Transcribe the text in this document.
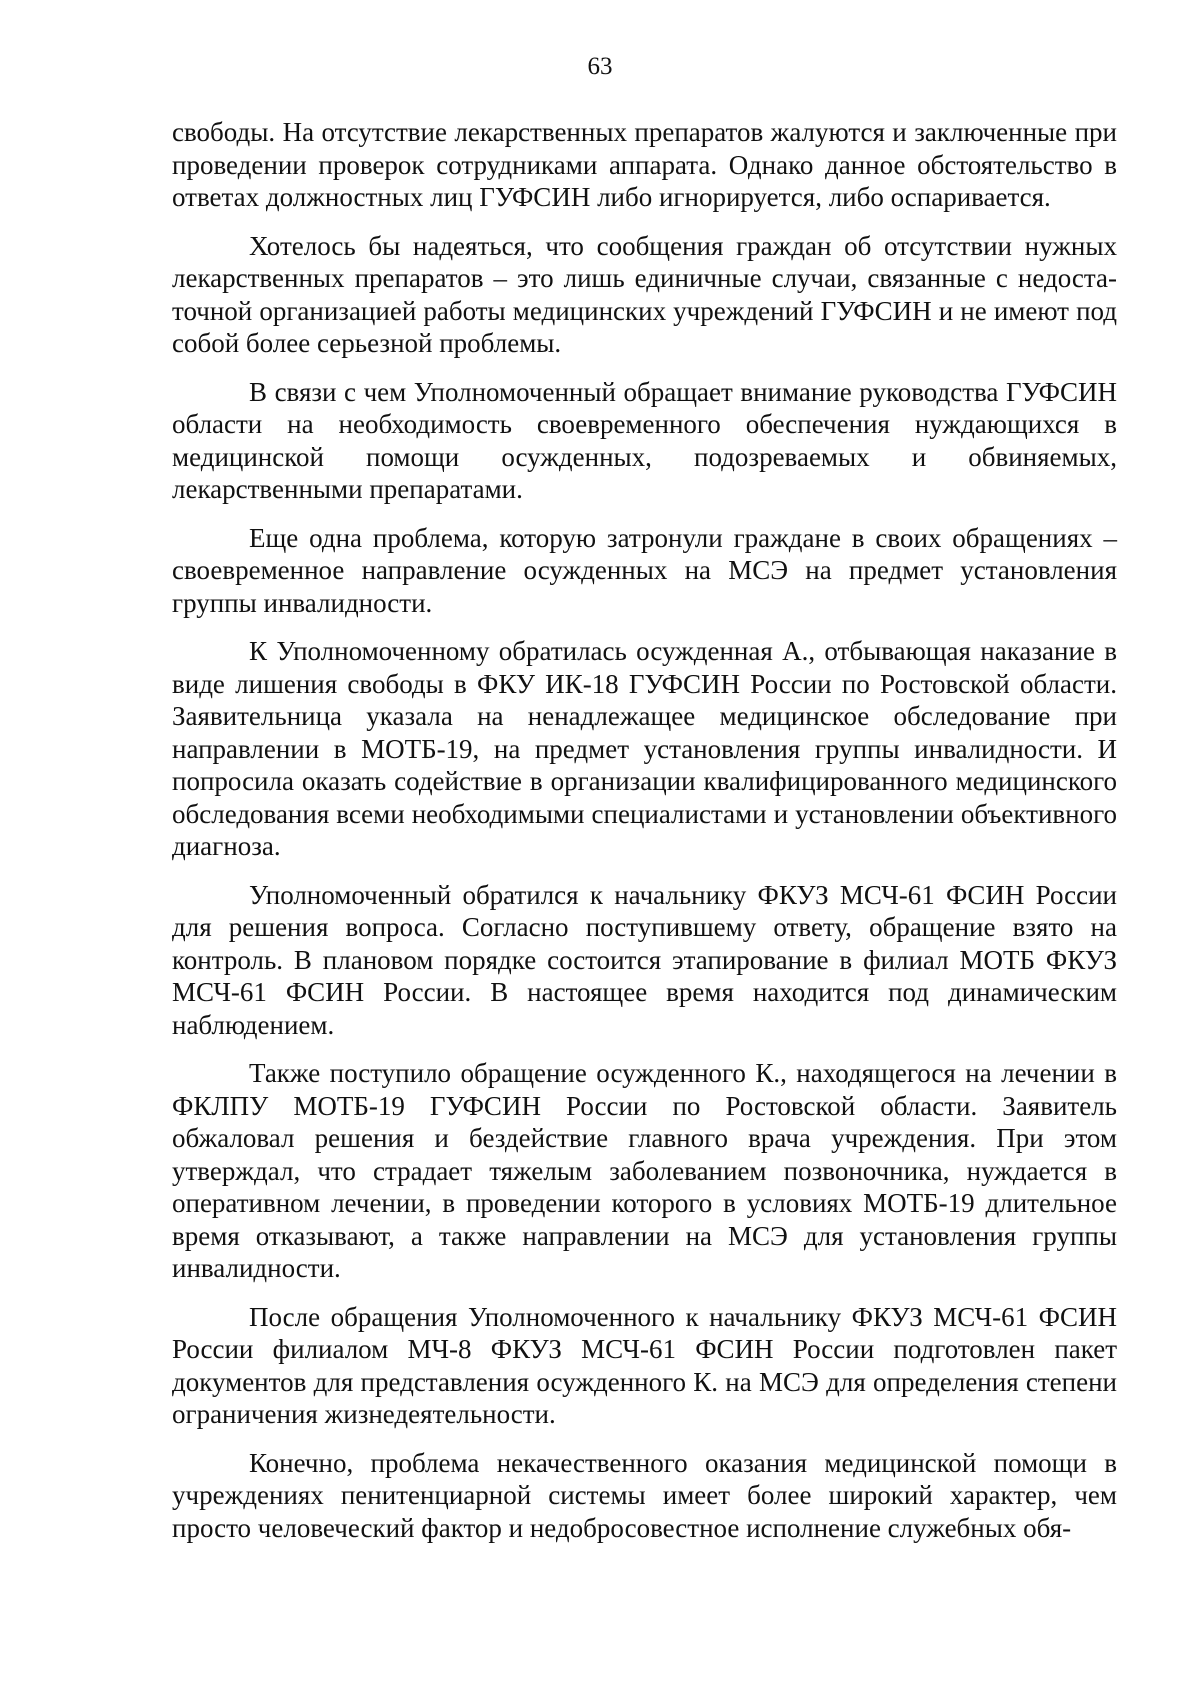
63

свободы. На отсутствие лекарственных препаратов жалуются и заключенные при проведении проверок сотрудниками аппарата. Однако данное обстоятельство в ответах должностных лиц ГУФСИН либо игнорируется, либо оспаривается.

Хотелось бы надеяться, что сообщения граждан об отсутствии нужных лекарственных препаратов – это лишь единичные случаи, связанные с недостаточной организацией работы медицинских учреждений ГУФСИН и не имеют под собой более серьезной проблемы.

В связи с чем Уполномоченный обращает внимание руководства ГУФСИН области на необходимость своевременного обеспечения нуждающихся в медицинской помощи осужденных, подозреваемых и обвиняемых, лекарственными препаратами.

Еще одна проблема, которую затронули граждане в своих обращениях – своевременное направление осужденных на МСЭ на предмет установления группы инвалидности.

К Уполномоченному обратилась осужденная А., отбывающая наказание в виде лишения свободы в ФКУ ИК-18 ГУФСИН России по Ростовской области. Заявительница указала на ненадлежащее медицинское обследование при направлении в МОТБ-19, на предмет установления группы инвалидности. И попросила оказать содействие в организации квалифицированного медицинского обследования всеми необходимыми специалистами и установлении объективного диагноза.

Уполномоченный обратился к начальнику ФКУЗ МСЧ-61 ФСИН России для решения вопроса. Согласно поступившему ответу, обращение взято на контроль. В плановом порядке состоится этапирование в филиал МОТБ ФКУЗ МСЧ-61 ФСИН России. В настоящее время находится под динамическим наблюдением.

Также поступило обращение осужденного К., находящегося на лечении в ФКЛПУ МОТБ-19 ГУФСИН России по Ростовской области. Заявитель обжаловал решения и бездействие главного врача учреждения. При этом утверждал, что страдает тяжелым заболеванием позвоночника, нуждается в оперативном лечении, в проведении которого в условиях МОТБ-19 длительное время отказывают, а также направлении на МСЭ для установления группы инвалидности.

После обращения Уполномоченного к начальнику ФКУЗ МСЧ-61 ФСИН России филиалом МЧ-8 ФКУЗ МСЧ-61 ФСИН России подготовлен пакет документов для представления осужденного К. на МСЭ для определения степени ограничения жизнедеятельности.

Конечно, проблема некачественного оказания медицинской помощи в учреждениях пенитенциарной системы имеет более широкий характер, чем просто человеческий фактор и недобросовестное исполнение служебных обя-
